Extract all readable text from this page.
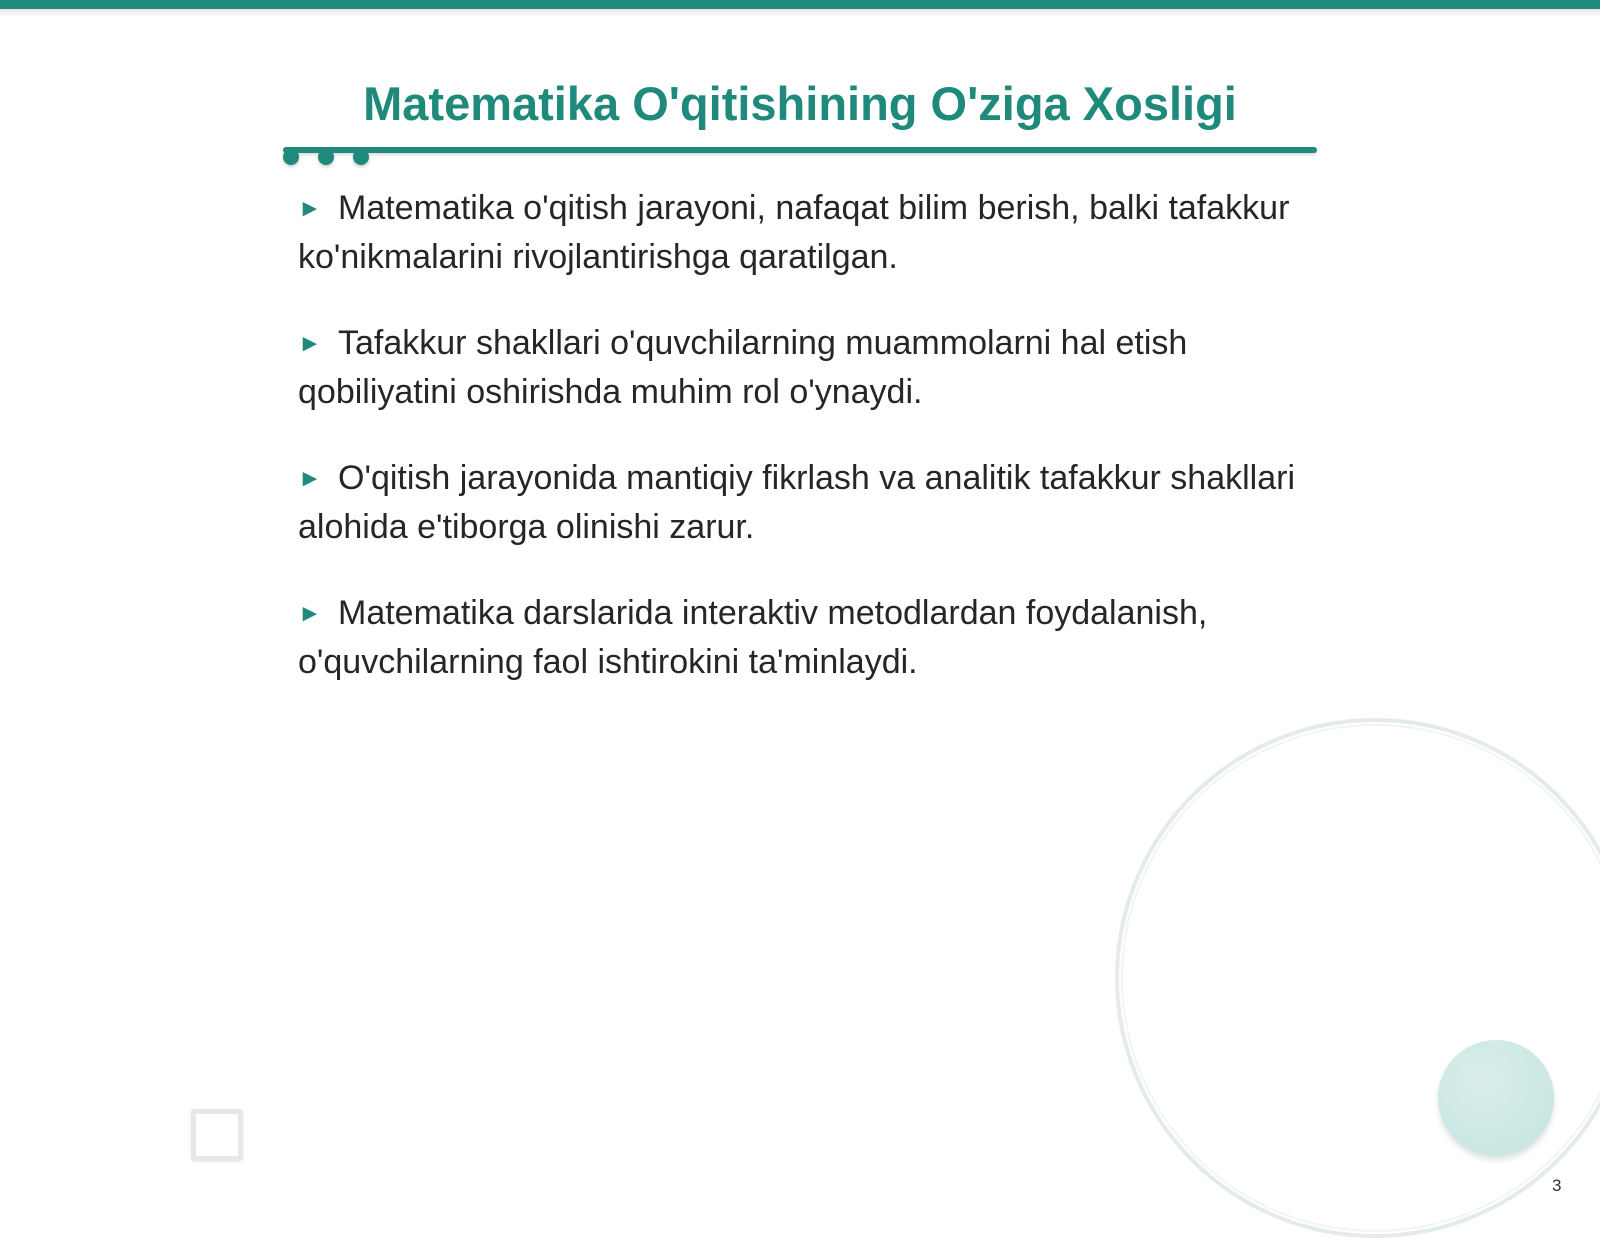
Matematika O'qitishining O'ziga Xosligi
► Matematika o'qitish jarayoni, nafaqat bilim berish, balki tafakkur ko'nikmalarini rivojlantirishga qaratilgan.
► Tafakkur shakllari o'quvchilarning muammolarni hal etish qobiliyatini oshirishda muhim rol o'ynaydi.
► O'qitish jarayonida mantiqiy fikrlash va analitik tafakkur shakllari alohida e'tiborga olinishi zarur.
► Matematika darslarida interaktiv metodlardan foydalanish, o'quvchilarning faol ishtirokini ta'minlaydi.
3
